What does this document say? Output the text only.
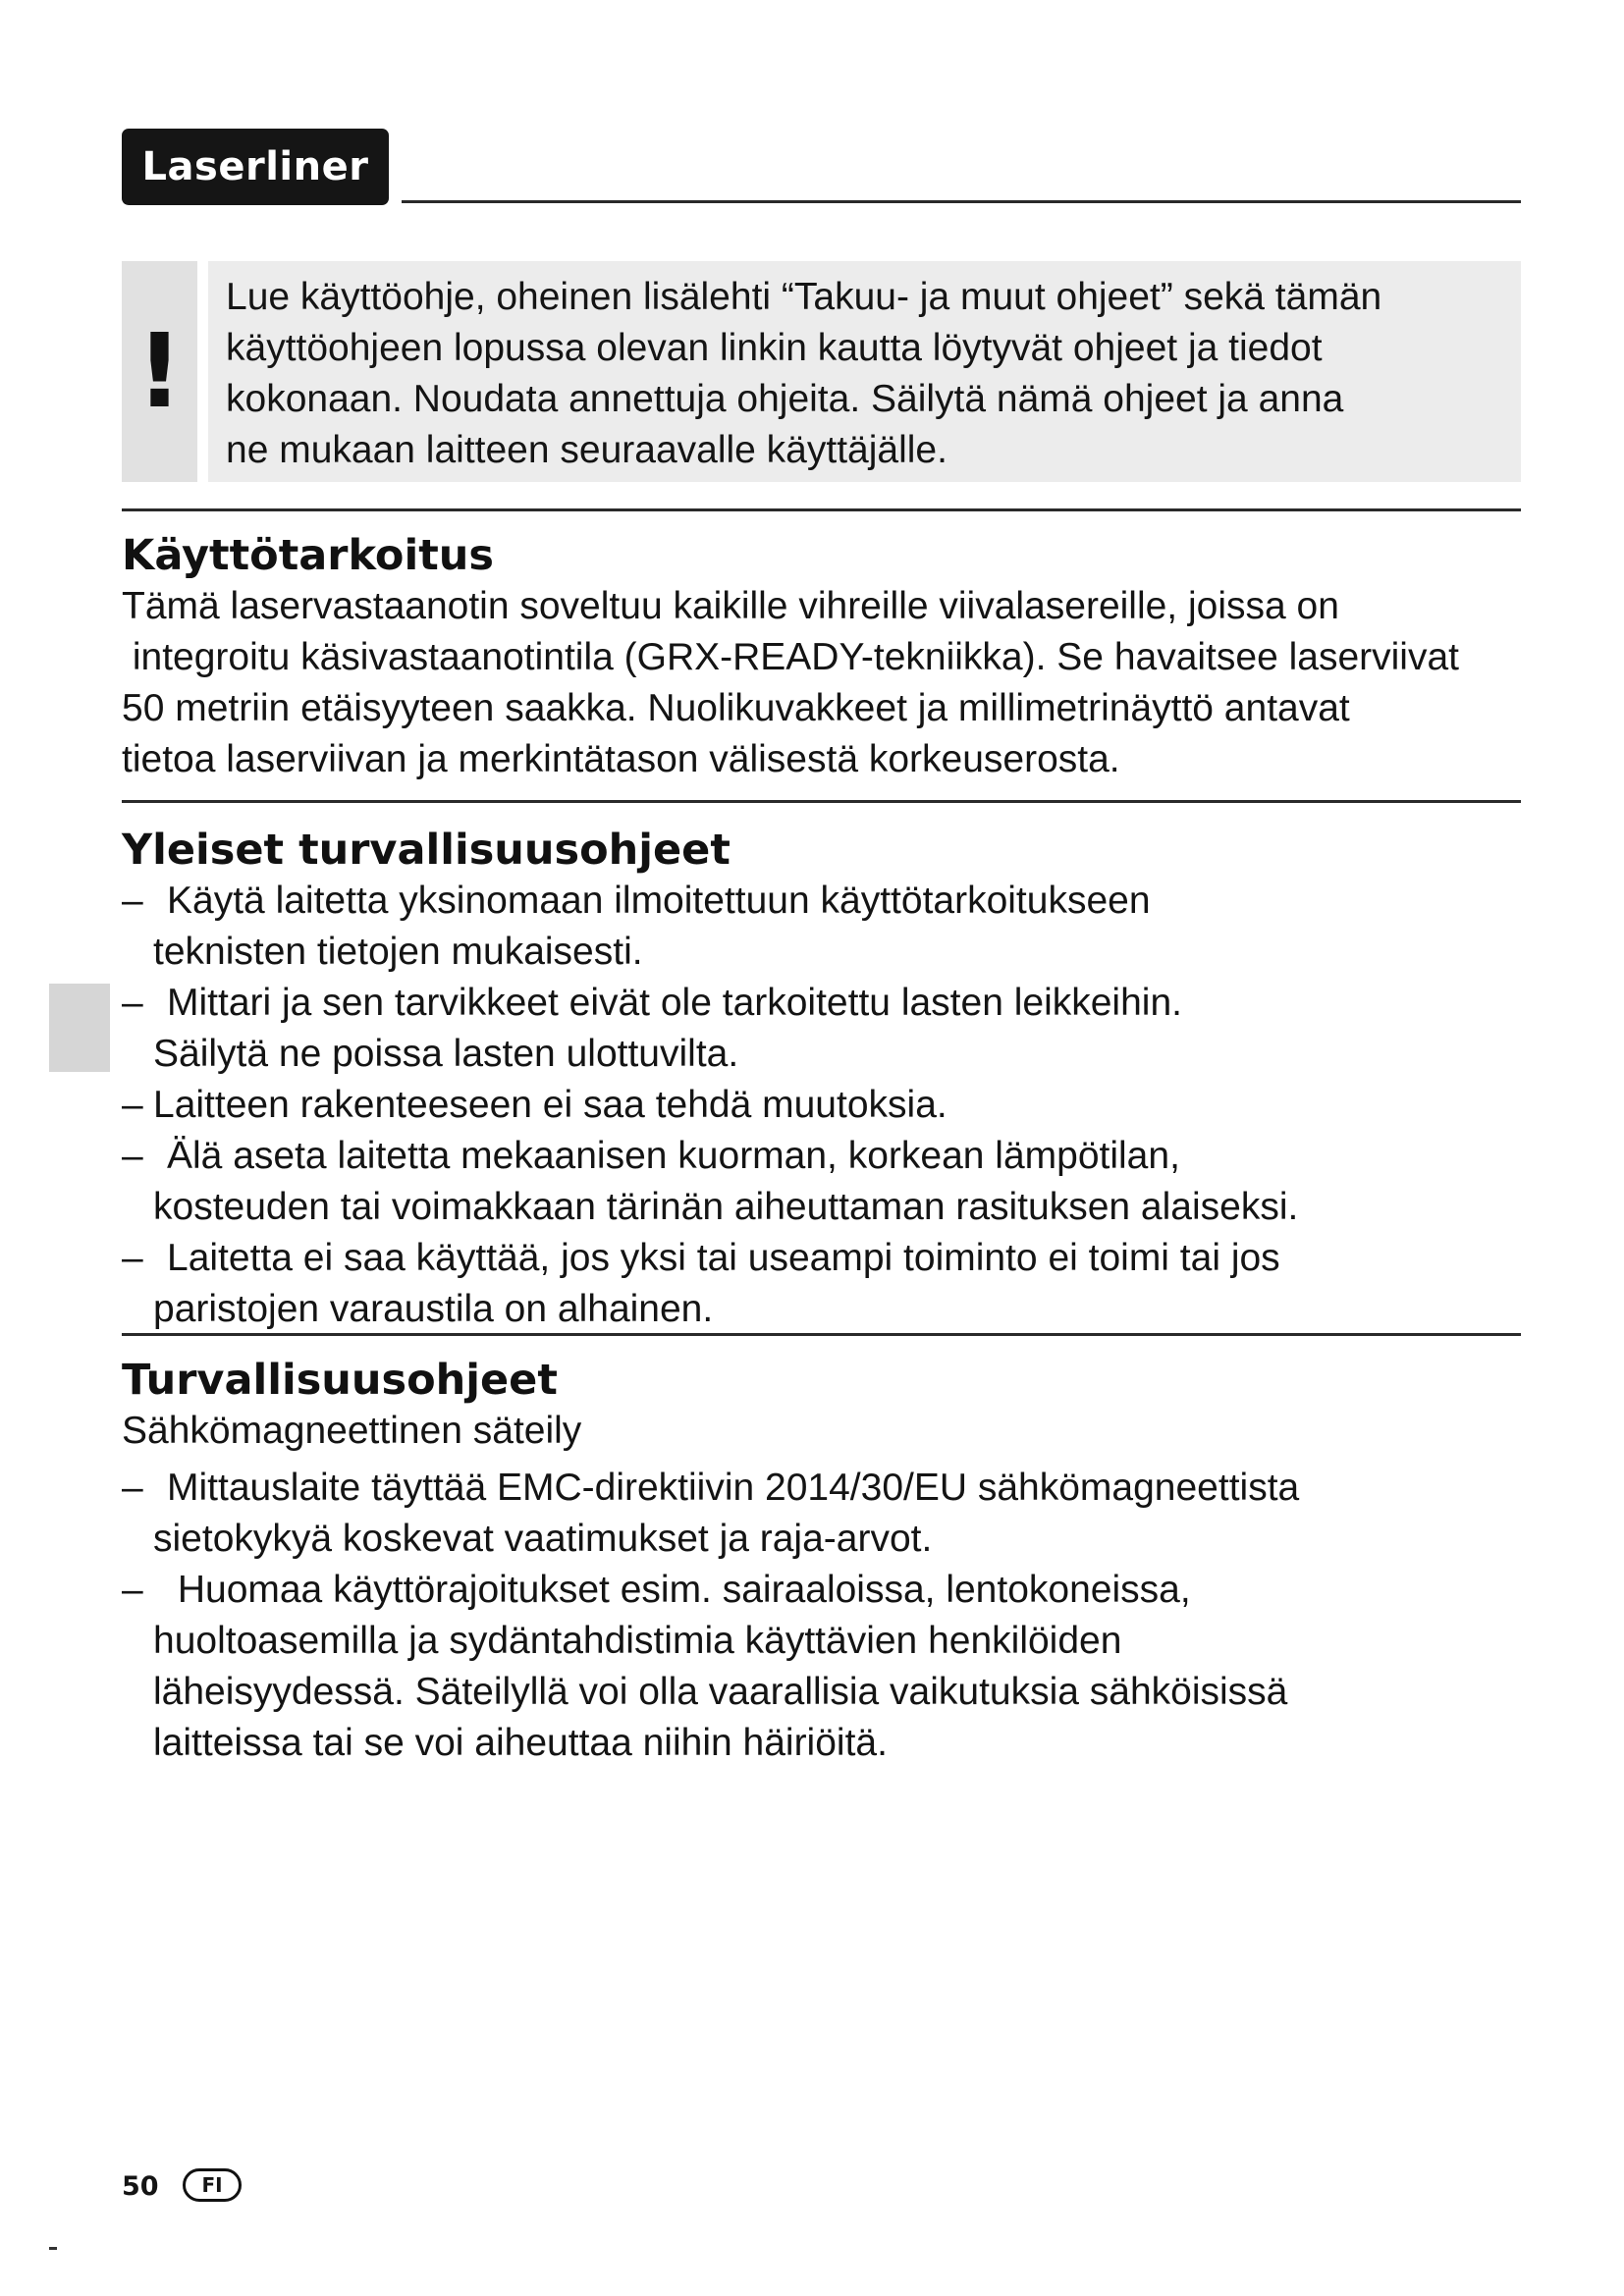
Laserliner
!
Lue käyttöohje, oheinen lisälehti “Takuu- ja muut ohjeet” sekä tämän
käyttöohjeen lopussa olevan linkin kautta löytyvät ohjeet ja tiedot
kokonaan. Noudata annettuja ohjeita. Säilytä nämä ohjeet ja anna
ne mukaan laitteen seuraavalle käyttäjälle.
Käyttötarkoitus
Tämä laservastaanotin soveltuu kaikille vihreille viivalasereille, joissa on
integroitu käsivastaanotintila (GRX-READY-tekniikka). Se havaitsee laserviivat
50 metriin etäisyyteen saakka. Nuolikuvakkeet ja millimetrinäyttö antavat
tietoa laserviivan ja merkintätason välisestä korkeuserosta.
Yleiset turvallisuusohjeet
– Käytä laitetta yksinomaan ilmoitettuun käyttötarkoitukseen
teknisten tietojen mukaisesti.
– Mittari ja sen tarvikkeet eivät ole tarkoitettu lasten leikkeihin.
Säilytä ne poissa lasten ulottuvilta.
– Laitteen rakenteeseen ei saa tehdä muutoksia.
– Älä aseta laitetta mekaanisen kuorman, korkean lämpötilan,
kosteuden tai voimakkaan tärinän aiheuttaman rasituksen alaiseksi.
– Laitetta ei saa käyttää, jos yksi tai useampi toiminto ei toimi tai jos
paristojen varaustila on alhainen.
Turvallisuusohjeet
Sähkömagneettinen säteily
– Mittauslaite täyttää EMC-direktiivin 2014/30/EU sähkömagneettista
sietokykyä koskevat vaatimukset ja raja-arvot.
– Huomaa käyttörajoitukset esim. sairaaloissa, lentokoneissa,
huoltoasemilla ja sydäntahdistimia käyttävien henkilöiden
läheisyydessä. Säteilyllä voi olla vaarallisia vaikutuksia sähköisissä
laitteissa tai se voi aiheuttaa niihin häiriöitä.
50	FI
